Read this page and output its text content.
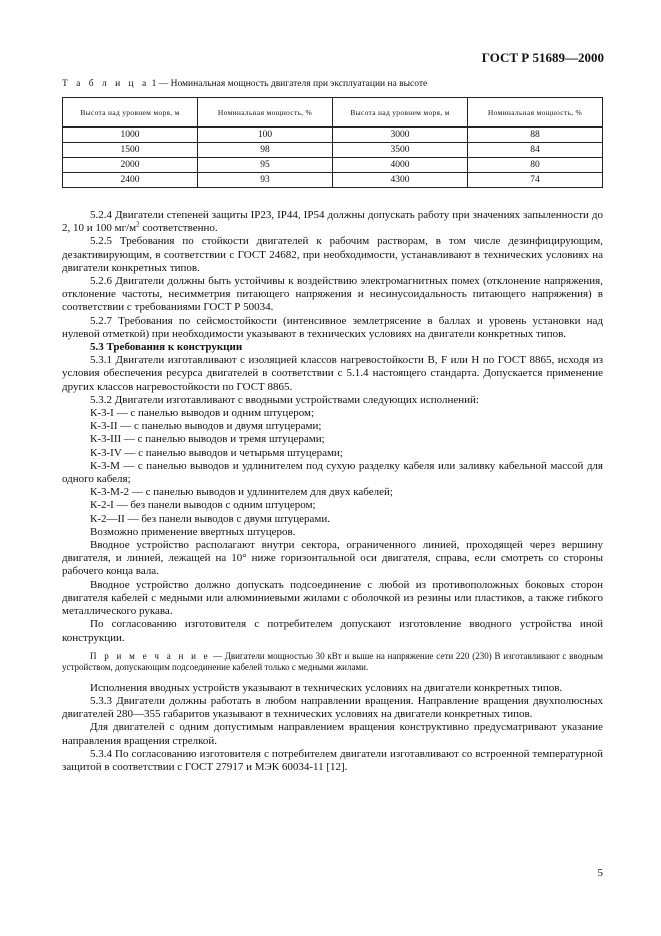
ГОСТ Р 51689—2000
Т а б л и ц а 1 — Номинальная мощность двигателя при эксплуатации на высоте
Высота над уровнем моря, м	Номинальная мощность, %	Высота над уровнем моря, м	Номинальная мощность, %
1000	100	3000	88
1500	98	3500	84
2000	95	4000	80
2400	93	4300	74

5.2.4 Двигатели степеней защиты IP23, IP44, IP54 должны допускать работу при значениях запыленности до 2, 10 и 100 $мг/м^2$ соответственно.

5.2.5 Требования по стойкости двигателей к рабочим растворам, в том числе дезинфицирующим, дезактивирующим, в соответствии с ГОСТ 24682, при необходимости, устанавливают в технических условиях на двигатели конкретных типов.

5.2.6 Двигатели должны быть устойчивы к воздействию электромагнитных помех (отклонение напряжения, отклонение частоты, несимметрия питающего напряжения и несинусоидальность питающего напряжения) в соответствии с требованиями ГОСТ Р 50034.

5.2.7 Требования по сейсмостойкости (интенсивное землетрясение в баллах и уровень установки над нулевой отметкой) при необходимости указывают в технических условиях на двигатели конкретных типов.

5.3 Требования к конструкции

5.3.1 Двигатели изготавливают с изоляцией классов нагревостойкости В, F или Н по ГОСТ 8865, исходя из условия обеспечения ресурса двигателей в соответствии с 5.1.4 настоящего стандарта. Допускается применение других классов нагревостойкости по ГОСТ 8865.

5.3.2 Двигатели изготавливают с вводными устройствами следующих исполнений:

К-3-I — с панелью выводов и одним штуцером;

К-3-II — с панелью выводов и двумя штуцерами;

К-3-III — с панелью выводов и тремя штуцерами;

К-3-IV — с панелью выводов и четырьмя штуцерами;

К-3-М — с панелью выводов и удлинителем под сухую разделку кабеля или заливку кабельной массой для одного кабеля;

К-3-М-2 — с панелью выводов и удлинителем для двух кабелей;

К-2-I — без панели выводов с одним штуцером;

К-2—II — без панели выводов с двумя штуцерами.

Возможно применение ввертных штуцеров.

Вводное устройство располагают внутри сектора, ограниченного линией, проходящей через вершину двигателя, и линией, лежащей на 10° ниже горизонтальной оси двигателя, справа, если смотреть со стороны рабочего конца вала.

Вводное устройство должно допускать подсоединение с любой из противоположных боковых сторон двигателя кабелей с медными или алюминиевыми жилами с оболочкой из резины или пластиков, а также гибкого металлического рукава.

По согласованию изготовителя с потребителем допускают изготовление вводного устройства иной конструкции.

П р и м е ч а н и е — Двигатели мощностью 30 кВт и выше на напряжение сети 220 (230) В изготавливают с вводным устройством, допускающим подсоединение кабелей только с медными жилами.

Исполнения вводных устройств указывают в технических условиях на двигатели конкретных типов.

5.3.3 Двигатели должны работать в любом направлении вращения. Направление вращения двухполюсных двигателей 280—355 габаритов указывают в технических условиях на двигатели конкретных типов.

Для двигателей с одним допустимым направлением вращения конструктивно предусматривают указание направления вращения стрелкой.

5.3.4 По согласованию изготовителя с потребителем двигатели изготавливают со встроенной температурной защитой в соответствии с ГОСТ 27917 и МЭК 60034-11 [12].

5
